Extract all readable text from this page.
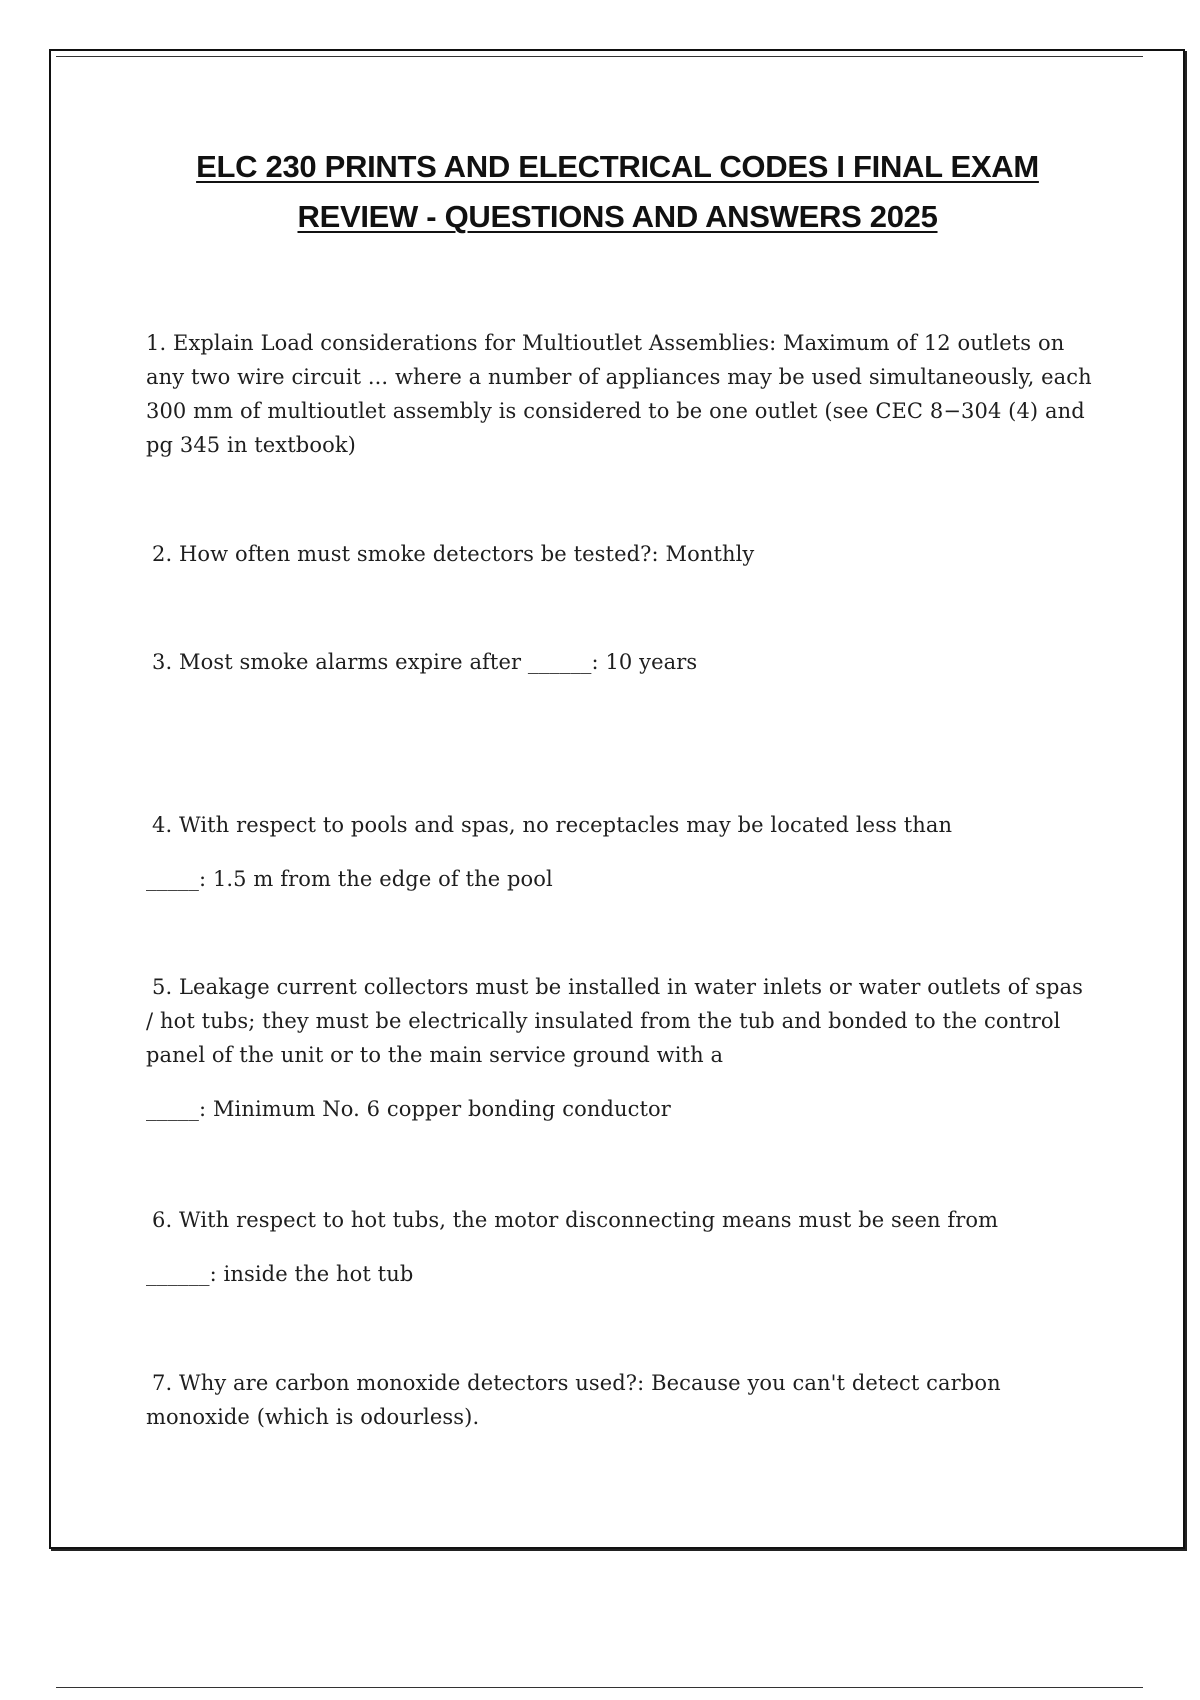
ELC 230 PRINTS AND ELECTRICAL CODES I FINAL EXAM
REVIEW - QUESTIONS AND ANSWERS 2025

1. Explain Load considerations for Multioutlet Assemblies: Maximum of 12 outlets on any two wire circuit ... where a number of appliances may be used simultaneously, each 300 mm of multioutlet assembly is considered to be one outlet (see CEC 8−304 (4) and pg 345 in textbook)

2. How often must smoke detectors be tested?: Monthly

3. Most smoke alarms expire after ______: 10 years

4. With respect to pools and spas, no receptacles may be located less than

_____: 1.5 m from the edge of the pool

5. Leakage current collectors must be installed in water inlets or water outlets of spas / hot tubs; they must be electrically insulated from the tub and bonded to the control panel of the unit or to the main service ground with a

_____: Minimum No. 6 copper bonding conductor

6. With respect to hot tubs, the motor disconnecting means must be seen from

______: inside the hot tub

7. Why are carbon monoxide detectors used?: Because you can't detect carbon monoxide (which is odourless).
